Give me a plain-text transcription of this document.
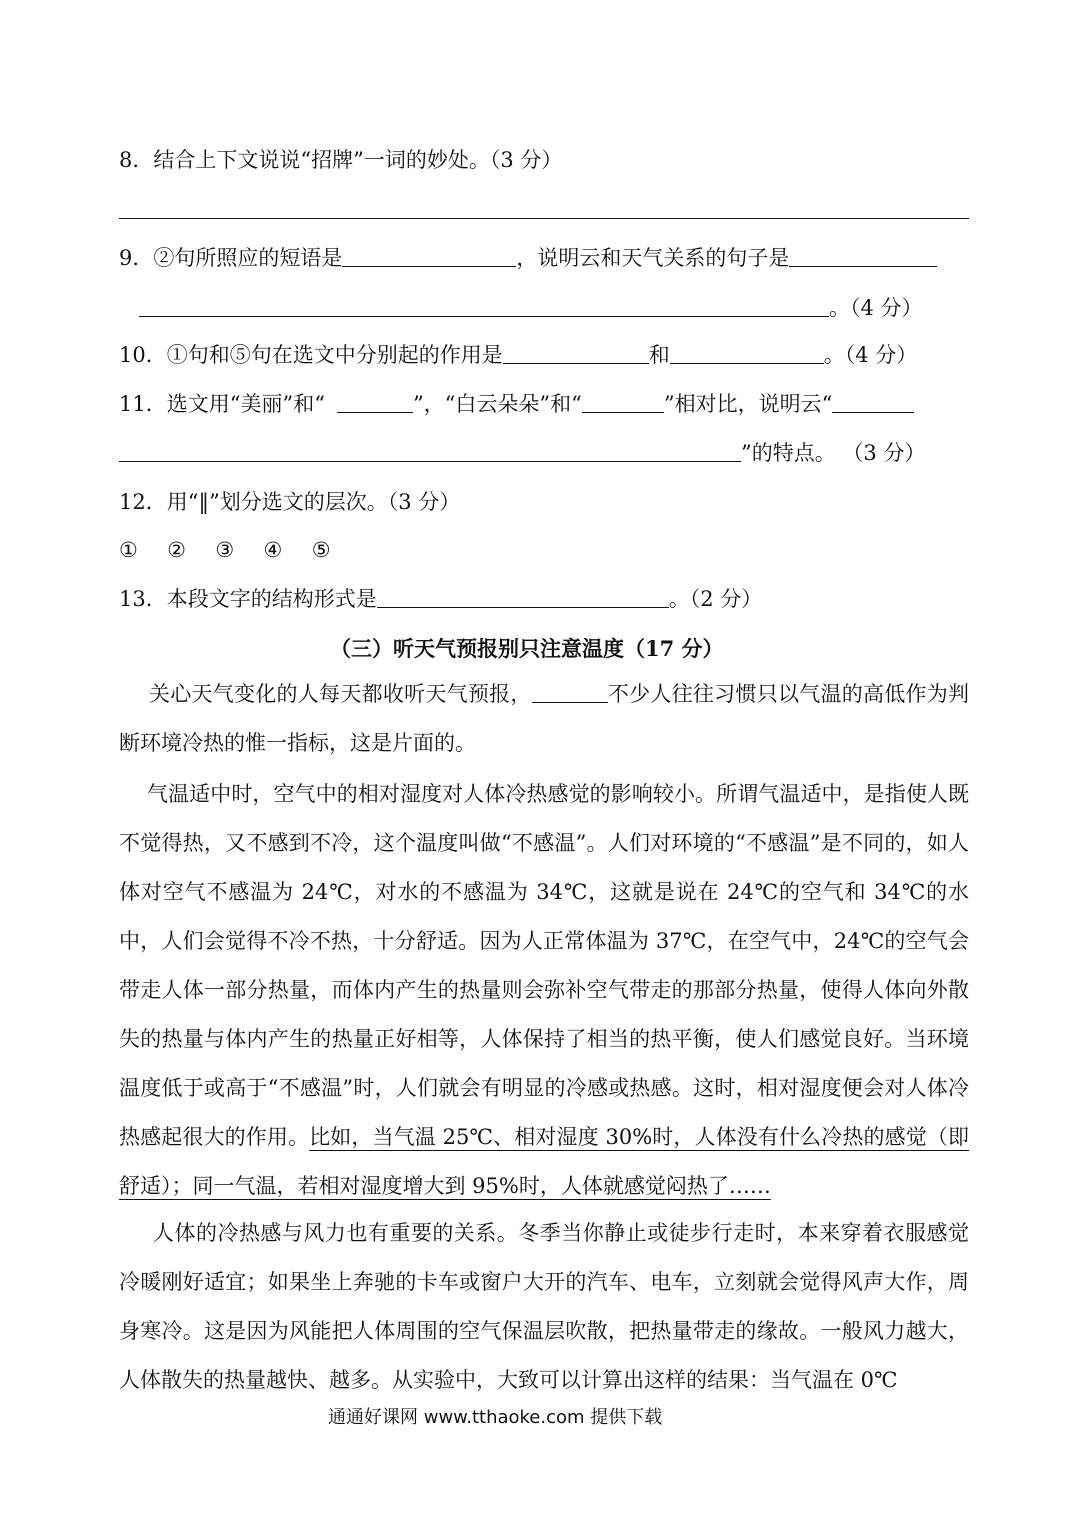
8．结合上下文说说“招牌”一词的妙处。（3 分）
9．②句所照应的短语是	，说明云和天气关系的句子是
。（4 分）
10．①句和⑤句在选文中分别起的作用是	和	。（4 分）
11．选文用“美丽”和“	”，“白云朵朵”和“	”相对比，说明云“
”的特点。 （3 分）
12．用“‖”划分选文的层次。（3 分）
①  ②  ③  ④  ⑤
13．本段文字的结构形式是	。（2 分）
（三）听天气预报别只注意温度（17 分）
关心天气变化的人每天都收听天气预报，	不少人往往习惯只以气温的高低作为判断环境冷热的惟一指标，这是片面的。
气温适中时，空气中的相对湿度对人体冷热感觉的影响较小。所谓气温适中，是指使人既不觉得热，又不感到不冷，这个温度叫做“不感温”。人们对环境的“不感温”是不同的，如人体对空气不感温为 24℃，对水的不感温为 34℃，这就是说在 24℃的空气和 34℃的水中，人们会觉得不冷不热，十分舒适。因为人正常体温为 37℃，在空气中，24℃的空气会带走人体一部分热量，而体内产生的热量则会弥补空气带走的那部分热量，使得人体向外散失的热量与体内产生的热量正好相等，人体保持了相当的热平衡，使人们感觉良好。当环境温度低于或高于“不感温”时，人们就会有明显的冷感或热感。这时，相对湿度便会对人体冷热感起很大的作用。比如，当气温 25℃、相对湿度 30%时，人体没有什么冷热的感觉（即舒适）；同一气温，若相对湿度增大到 95%时，人体就感觉闷热了……
人体的冷热感与风力也有重要的关系。冬季当你静止或徒步行走时，本来穿着衣服感觉冷暖刚好适宜；如果坐上奔驰的卡车或窗户大开的汽车、电车，立刻就会觉得风声大作，周身寒冷。这是因为风能把人体周围的空气保温层吹散，把热量带走的缘故。一般风力越大，人体散失的热量越快、越多。从实验中，大致可以计算出这样的结果：当气温在 0℃
通通好课网 www.tthaoke.com 提供下载
